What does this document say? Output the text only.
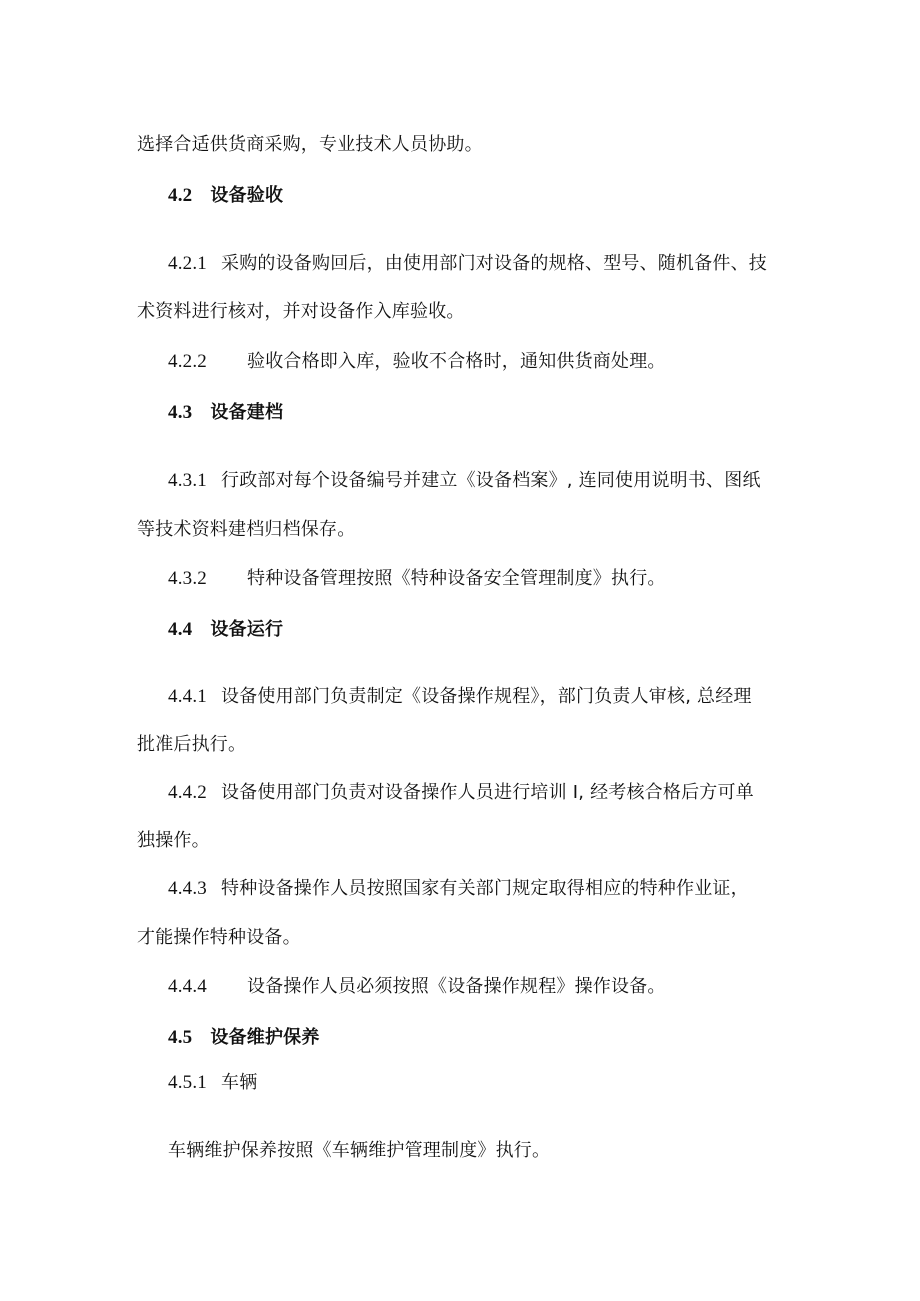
选择合适供货商采购，专业技术人员协助。
4.2 设备验收
4.2.1 采购的设备购回后，由使用部门对设备的规格、型号、随机备件、技
术资料进行核对，并对设备作入库验收。
4.2.2 验收合格即入库，验收不合格时，通知供货商处理。
4.3 设备建档
4.3.1 行政部对每个设备编号并建立《设备档案》, 连同使用说明书、图纸
等技术资料建档归档保存。
4.3.2 特种设备管理按照《特种设备安全管理制度》执行。
4.4 设备运行
4.4.1 设备使用部门负责制定《设备操作规程》，部门负责人审核, 总经理
批准后执行。
4.4.2 设备使用部门负责对设备操作人员进行培训 I, 经考核合格后方可单
独操作。
4.4.3 特种设备操作人员按照国家有关部门规定取得相应的特种作业证，
才能操作特种设备。
4.4.4 设备操作人员必须按照《设备操作规程》操作设备。
4.5 设备维护保养
4.5.1 车辆
车辆维护保养按照《车辆维护管理制度》执行。
